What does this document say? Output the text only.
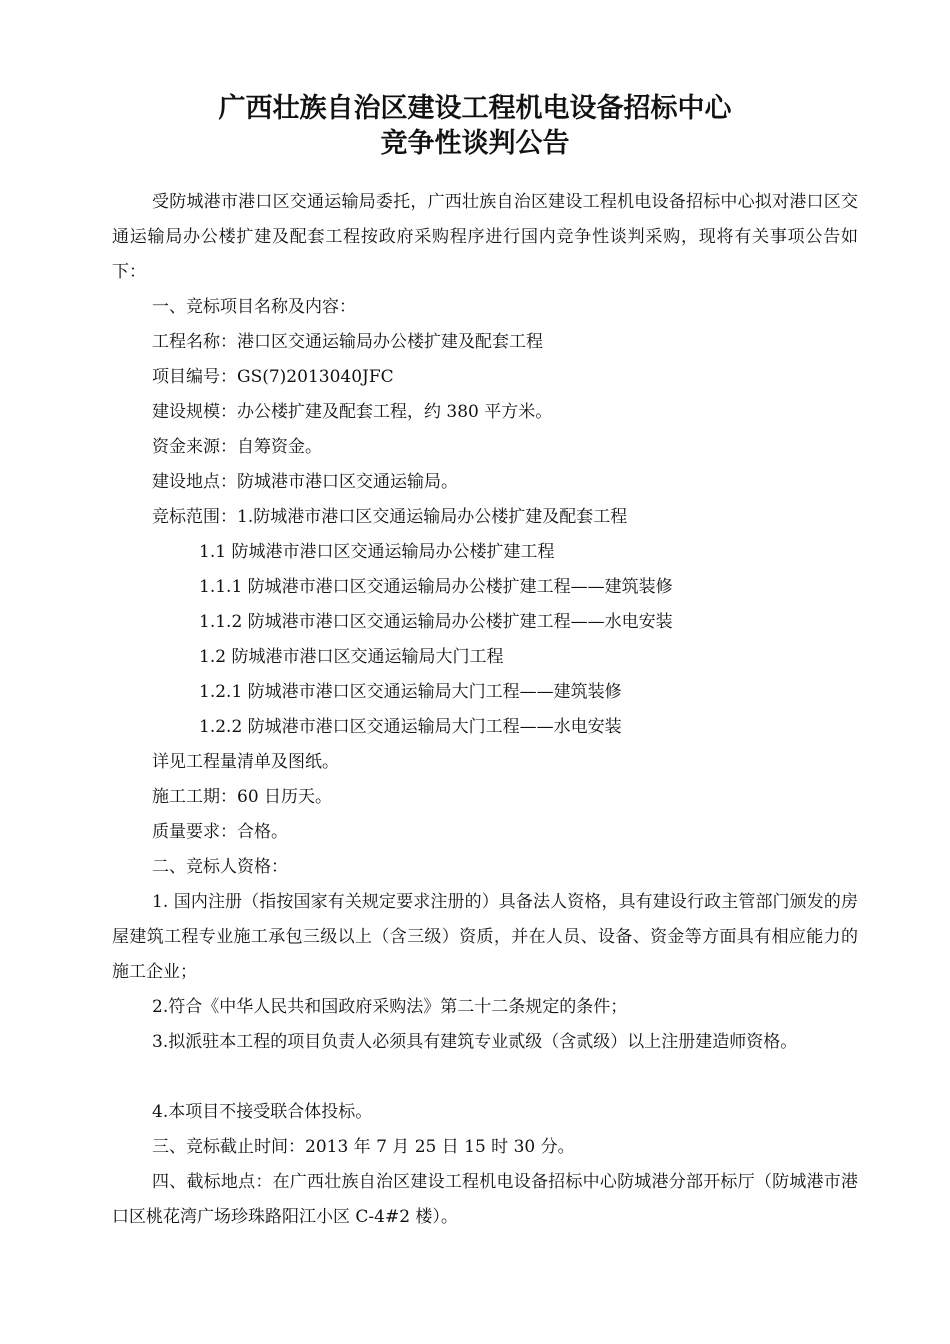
广西壮族自治区建设工程机电设备招标中心
竞争性谈判公告
受防城港市港口区交通运输局委托，广西壮族自治区建设工程机电设备招标中心拟对港口区交通运输局办公楼扩建及配套工程按政府采购程序进行国内竞争性谈判采购，现将有关事项公告如下：
一、竞标项目名称及内容：
工程名称：港口区交通运输局办公楼扩建及配套工程
项目编号：GS(7)2013040JFC
建设规模：办公楼扩建及配套工程，约 380 平方米。
资金来源：自筹资金。
建设地点：防城港市港口区交通运输局。
竞标范围：1.防城港市港口区交通运输局办公楼扩建及配套工程
1.1 防城港市港口区交通运输局办公楼扩建工程
1.1.1 防城港市港口区交通运输局办公楼扩建工程——建筑装修
1.1.2 防城港市港口区交通运输局办公楼扩建工程——水电安装
1.2 防城港市港口区交通运输局大门工程
1.2.1 防城港市港口区交通运输局大门工程——建筑装修
1.2.2 防城港市港口区交通运输局大门工程——水电安装
详见工程量清单及图纸。
施工工期：60 日历天。
质量要求：合格。
二、竞标人资格：
1. 国内注册（指按国家有关规定要求注册的）具备法人资格，具有建设行政主管部门颁发的房屋建筑工程专业施工承包三级以上（含三级）资质，并在人员、设备、资金等方面具有相应能力的施工企业；
2.符合《中华人民共和国政府采购法》第二十二条规定的条件；
3.拟派驻本工程的项目负责人必须具有建筑专业贰级（含贰级）以上注册建造师资格。
4.本项目不接受联合体投标。
三、竞标截止时间：2013 年 7 月 25 日 15 时 30 分。
四、截标地点：在广西壮族自治区建设工程机电设备招标中心防城港分部开标厅（防城港市港口区桃花湾广场珍珠路阳江小区 C-4#2 楼）。
